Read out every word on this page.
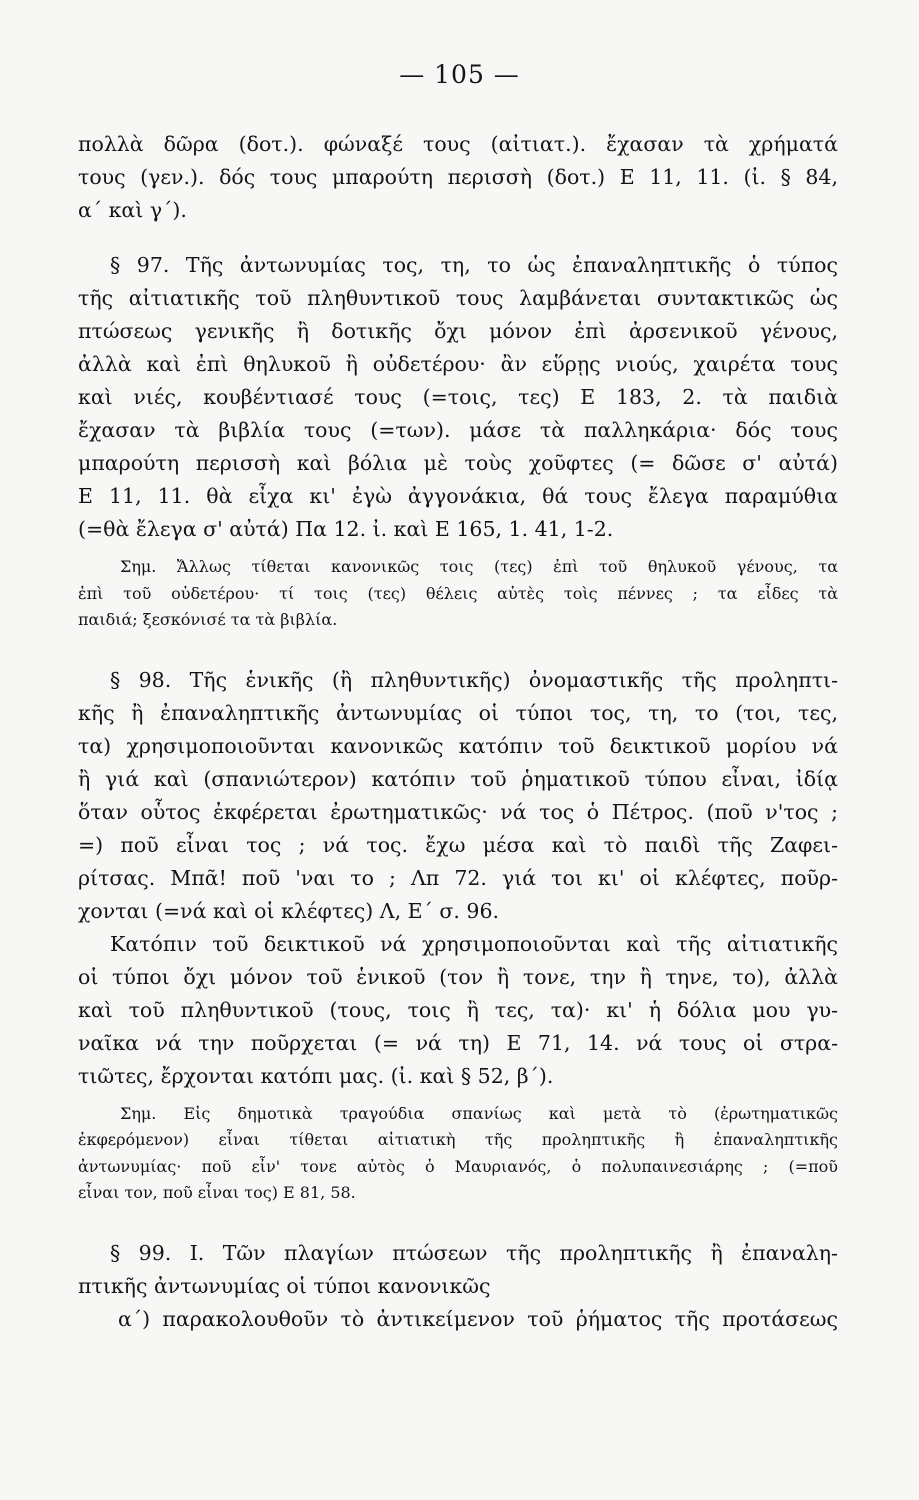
— 105 —
πολλὰ δῶρα (δοτ.). φώναξέ τους (αἰτιατ.). ἔχασαν τὰ χρήματά
τους (γεν.). δός τους μπαρούτη περισσὴ (δοτ.) Ε 11, 11. (ἰ. § 84,
α´ καὶ γ´).
§ 97. Τῆς ἀντωνυμίας τος, τη, το ὡς ἐπαναληπτικῆς ὁ τύπος
τῆς αἰτιατικῆς τοῦ πληθυντικοῦ τους λαμβάνεται συντακτικῶς ὡς
πτώσεως γενικῆς ἢ δοτικῆς ὄχι μόνον ἐπὶ ἀρσενικοῦ γένους,
ἀλλὰ καὶ ἐπὶ θηλυκοῦ ἢ οὐδετέρου· ἂν εὕρῃς νιούς, χαιρέτα τους
καὶ νιές, κουβέντιασέ τους (=τοις, τες) Ε 183, 2. τὰ παιδιὰ
ἔχασαν τὰ βιβλία τους (=των). μάσε τὰ παλληκάρια· δός τους
μπαρούτη περισσὴ καὶ βόλια μὲ τοὺς χοῦφτες (= δῶσε σ' αὐτά)
Ε 11, 11. θὰ εἶχα κι' ἐγὼ ἀγγονάκια, θά τους ἔλεγα παραμύθια
(=θὰ ἔλεγα σ' αὐτά) Πα 12. ἰ. καὶ Ε 165, 1. 41, 1-2.
Σημ. Ἄλλως τίθεται κανονικῶς τοις (τες) ἐπὶ τοῦ θηλυκοῦ γένους, τα
ἐπὶ τοῦ οὐδετέρου· τί τοις (τες) θέλεις αὐτὲς τοὶς πέννες ; τα εἶδες τὰ
παιδιά; ξεσκόνισέ τα τὰ βιβλία.
§ 98. Τῆς ἑνικῆς (ἢ πληθυντικῆς) ὀνομαστικῆς τῆς προληπτι-
κῆς ἢ ἐπαναληπτικῆς ἀντωνυμίας οἱ τύποι τος, τη, το (τοι, τες,
τα) χρησιμοποιοῦνται κανονικῶς κατόπιν τοῦ δεικτικοῦ μορίου νά
ἢ γιά καὶ (σπανιώτερον) κατόπιν τοῦ ῥηματικοῦ τύπου εἶναι, ἰδίᾳ
ὅταν οὗτος ἐκφέρεται ἐρωτηματικῶς· νά τος ὁ Πέτρος. (ποῦ ν'τος ;
=) ποῦ εἶναι τος ; νά τος. ἔχω μέσα καὶ τὸ παιδὶ τῆς Ζαφει-
ρίτσας. Μπᾶ! ποῦ 'ναι το ; Λπ 72. γιά τοι κι' οἱ κλέφτες, ποῦρ-
χονται (=νά καὶ οἱ κλέφτες) Λ, Ε´ σ. 96.
Κατόπιν τοῦ δεικτικοῦ νά χρησιμοποιοῦνται καὶ τῆς αἰτιατικῆς
οἱ τύποι ὄχι μόνον τοῦ ἑνικοῦ (τον ἢ τονε, την ἢ τηνε, το), ἀλλὰ
καὶ τοῦ πληθυντικοῦ (τους, τοις ἢ τες, τα)· κι' ἡ δόλια μου γυ-
ναῖκα νά την ποῦρχεται (= νά τη) Ε 71, 14. νά τους οἱ στρα-
τιῶτες, ἔρχονται κατόπι μας. (ἰ. καὶ § 52, β´).
Σημ. Εἰς δημοτικὰ τραγούδια σπανίως καὶ μετὰ τὸ (ἐρωτηματικῶς
ἐκφερόμενον) εἶναι τίθεται αἰτιατικὴ τῆς προληπτικῆς ἢ ἐπαναληπτικῆς
ἀντωνυμίας· ποῦ εἶν' τονε αὐτὸς ὁ Μαυριανός, ὁ πολυπαινεσιάρης ; (=ποῦ
εἶναι τον, ποῦ εἶναι τος) Ε 81, 58.
§ 99. Ι. Τῶν πλαγίων πτώσεων τῆς προληπτικῆς ἢ ἐπαναλη-
πτικῆς ἀντωνυμίας οἱ τύποι κανονικῶς
α´) παρακολουθοῦν τὸ ἀντικείμενον τοῦ ῥήματος τῆς προτάσεως
